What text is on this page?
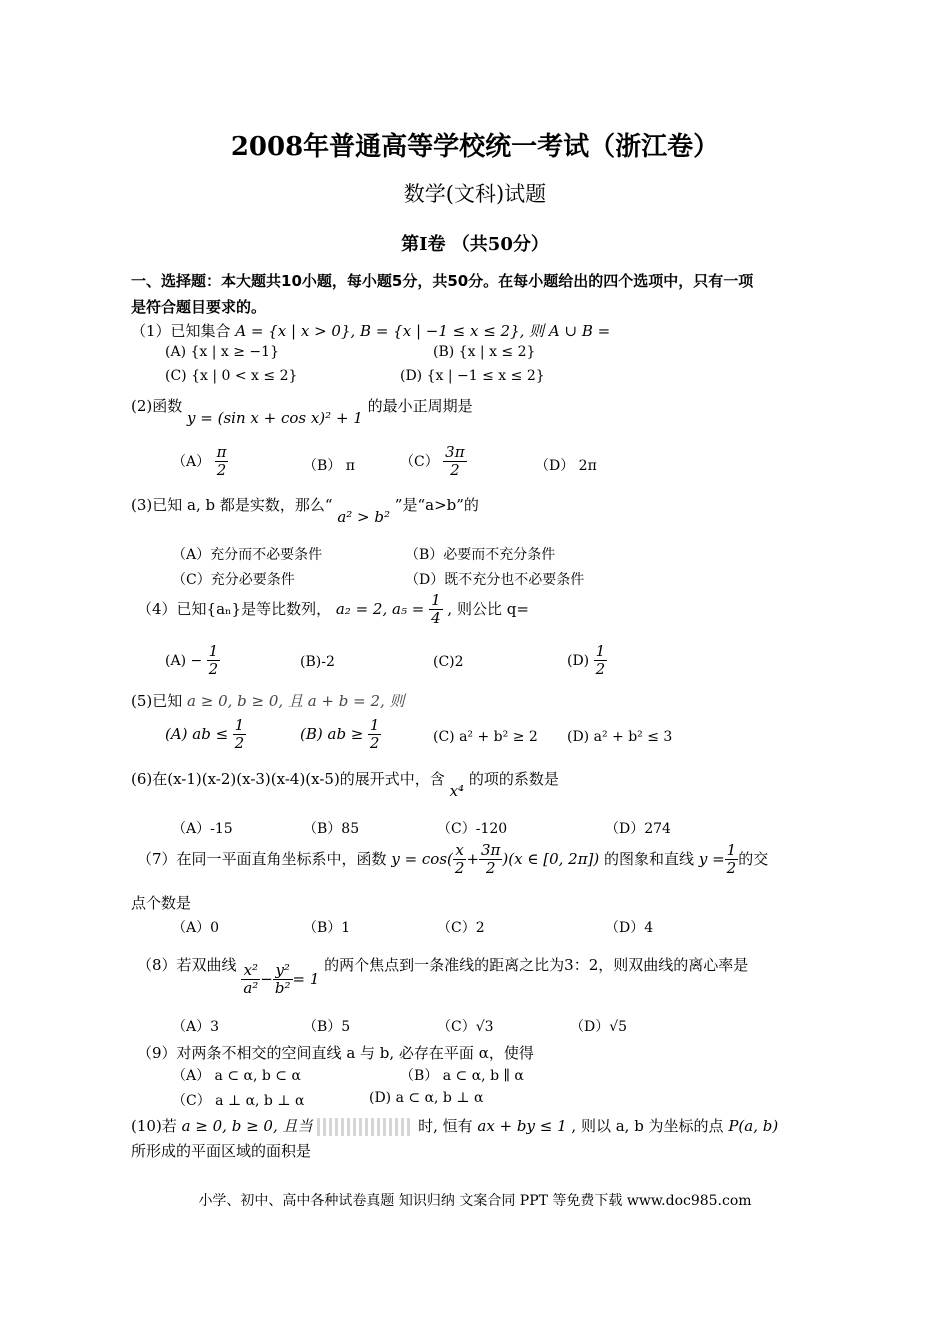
2008年普通高等学校统一考试（浙江卷）
数学(文科)试题
第Ⅰ卷 （共50分）
一、选择题：本大题共10小题，每小题5分，共50分。在每小题给出的四个选项中，只有一项
是符合题目要求的。
（1）已知集合 A = {x | x > 0}, B = {x | −1 ≤ x ≤ 2}, 则 A ∪ B =
(A) {x | x ≥ −1}	(B) {x | x ≤ 2}
(C) {x | 0 < x ≤ 2}	(D) {x | −1 ≤ x ≤ 2}
(2)函数 y = (sin x + cos x)² + 1 的最小正周期是
$(A) \frac{\pi}{2}$	（B） π	$(C) \frac{3\pi}{2}$	（D） 2π
(3)已知 a, b 都是实数，那么“ a² > b² ”是“a>b”的
（A）充分而不必要条件	（B）必要而不充分条件
（C）充分必要条件	（D）既不充分也不必要条件
（4）已知{aₙ}是等比数列， a₂ = 2, $a_5 = \frac{1}{4}$ , 则公比 q=
$(A) - \frac{1}{2}$	(B)-2	(C)2	$(D) \frac{1}{2}$
(5)已知 a ≥ 0, b ≥ 0, 且 a + b = 2, 则
(A) ab ≤ $\frac{1}{2}$	(B) ab ≥ $\frac{1}{2}$	(C) a² + b² ≥ 2 (D) a² + b² ≤ 3
(6)在(x-1)(x-2)(x-3)(x-4)(x-5)的展开式中，含 x⁴ 的项的系数是
（A）-15	（B）85	（C）-120	（D）274
（7）在同一平面直角坐标系中，函数 $y = \cos( \frac{x}{2} + \frac{3\pi}{2} )(x$ ∈ [0, 2π]) 的图象和直线 $y = \frac{1}{2}$ 的交
点个数是
（A）0	（B）1	（C）2	（D）4
（8）若双曲线 $\frac{\text{x²}}{\text{a²}} - \frac{\text{y²}}{\text{b²}} = 1$ 的两个焦点到一条准线的距离之比为3：2，则双曲线的离心率是
（A）3	（B）5	（C）√3	（D）√5
（9）对两条不相交的空间直线 a 与 b, 必存在平面 α，使得
（A） a ⊂ α, b ⊂ α	（B） a ⊂ α, b ∥ α
（C） a ⊥ α, b ⊥ α	(D) a ⊂ α, b ⊥ α
(10)若 a ≥ 0, b ≥ 0, 且当	时, 恒有 ax + by ≤ 1 , 则以 a, b 为坐标的点 P(a, b)
所形成的平面区域的面积是
小学、初中、高中各种试卷真题 知识归纳 文案合同 PPT 等免费下载 www.doc985.com
